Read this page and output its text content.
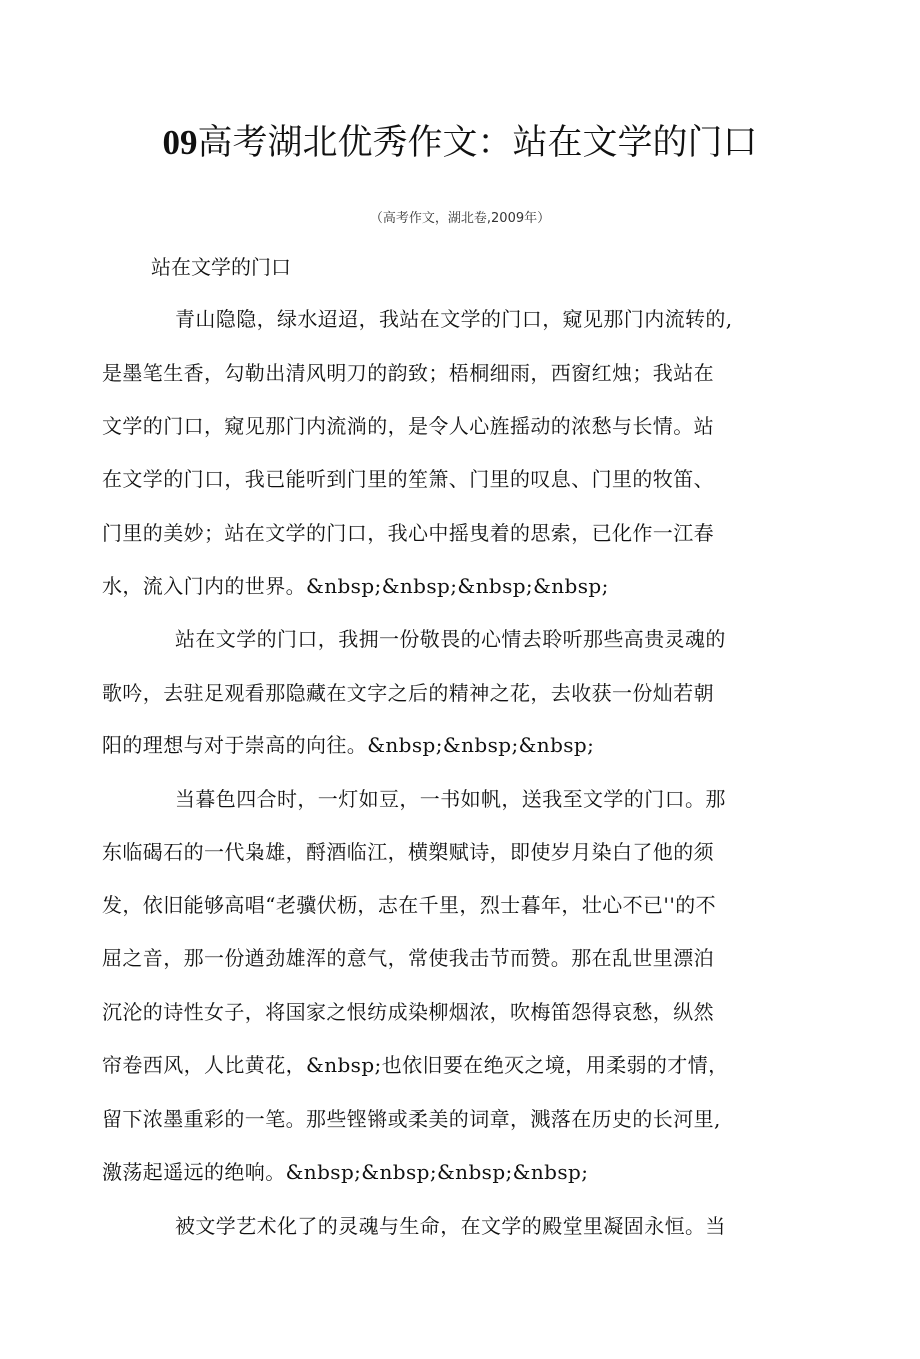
09高考湖北优秀作文：站在文学的门口
（高考作文，湖北卷,2009年）
站在文学的门口
青山隐隐，绿水迢迢，我站在文学的门口，窥见那门内流转的,
是墨笔生香，勾勒出清风明刀的韵致；梧桐细雨，西窗红烛；我站在
文学的门口，窥见那门内流淌的，是令人心旌摇动的浓愁与长情。站
在文学的门口，我已能听到门里的笙箫、门里的叹息、门里的牧笛、
门里的美妙；站在文学的门口，我心中摇曳着的思索，已化作一江春
水，流入门内的世界。&nbsp;&nbsp;&nbsp;&nbsp;
站在文学的门口，我拥一份敬畏的心情去聆听那些高贵灵魂的
歌吟，去驻足观看那隐藏在文字之后的精神之花，去收获一份灿若朝
阳的理想与对于崇高的向往。&nbsp;&nbsp;&nbsp;
当暮色四合时，一灯如豆，一书如帆，送我至文学的门口。那
东临碣石的一代枭雄，酹酒临江，横槊赋诗，即使岁月染白了他的须
发，依旧能够高唱“老骥伏枥，志在千里，烈士暮年，壮心不已''的不
屈之音，那一份遒劲雄浑的意气，常使我击节而赞。那在乱世里漂泊
沉沦的诗性女子，将国家之恨纺成染柳烟浓，吹梅笛怨得哀愁，纵然
帘卷西风，人比黄花，&nbsp;也依旧要在绝灭之境，用柔弱的才情，
留下浓墨重彩的一笔。那些铿锵或柔美的词章，溅落在历史的长河里,
激荡起遥远的绝响。&nbsp;&nbsp;&nbsp;&nbsp;
被文学艺术化了的灵魂与生命，在文学的殿堂里凝固永恒。当
